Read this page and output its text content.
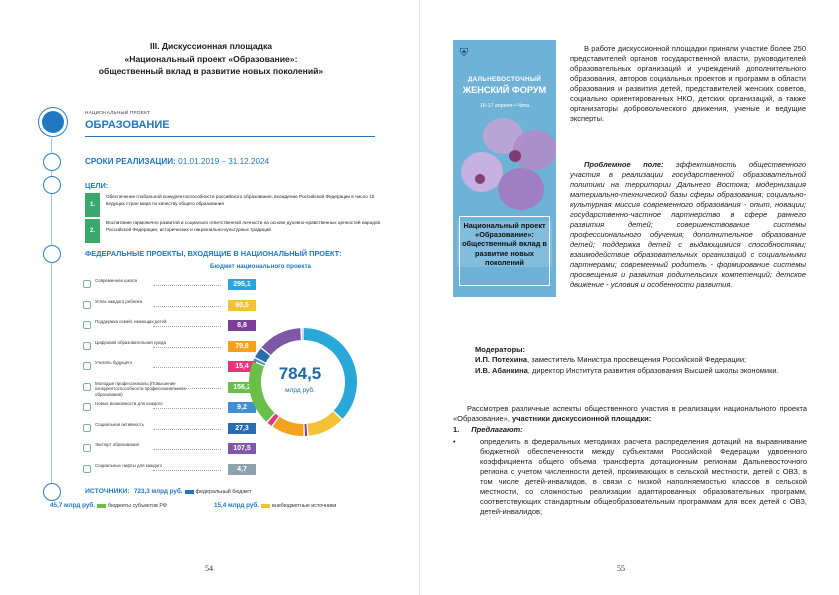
III. Дискуссионная площадка
«Национальный проект «Образование»:
общественный вклад в развитие новых поколений»
НАЦИОНАЛЬНЫЙ ПРОЕКТ
ОБРАЗОВАНИЕ
СРОКИ РЕАЛИЗАЦИИ: 01.01.2019 – 31.12.2024
ЦЕЛИ:
1.
Обеспечение глобальной конкурентоспособности российского образования, вхождение Российской Федерации в число 10 ведущих стран мира по качеству общего образования
2.
Воспитание гармонично развитой и социально ответственной личности на основе духовно-нравственных ценностей народов Российской Федерации, исторических и национально-культурных традиций
ФЕДЕРАЛЬНЫЕ ПРОЕКТЫ, ВХОДЯЩИЕ В НАЦИОНАЛЬНЫЙ ПРОЕКТ:
Бюджет национального проекта
Современная школа
295,1
Успех каждого ребенка
90,5
Поддержка семей, имеющих детей
8,8
Цифровая образовательная среда
79,8
Учитель будущего
15,4
Молодые профессионалы (Повышение конкурентоспособности профессионального образования)
156,2
Новые возможности для каждого
9,2
Социальная активность
27,3
Экспорт образования
107,5
Социальные лифты для каждого
4,7
784,5
млрд руб.
ИСТОЧНИКИ: 723,3 млрд руб. федеральный бюджет
45,7 млрд руб. бюджеты субъектов РФ	15,4 млрд руб. внебюджетные источники
54
⛨
ДАЛЬНЕВОСТОЧНЫЙ
ЖЕНСКИЙ ФОРУМ
16-17 апреля • Чита
Национальный проект «Образование»: общественный вклад в развитие новых поколений
В работе дискуссионной площадки приняли участие более 250 представителей органов государственной власти, руководителей образовательных организаций и учреждений дополнительного образования, авторов социальных проектов и программ в области образования и развития детей, представителей женских советов, социально ориентированных НКО, детских организаций, а также организаторы добровольческого движения, ученые и ведущие эксперты.
Проблемное поле: эффективность общественного участия в реализации государственной образовательной политики на территории Дальнего Востока; модернизация материально-технической базы сферы образования; социально-культурная миссия современного образования - опыт, новации; государственно-частное партнерство в сфере раннего развития детей; совершенствование системы профессионального обучения; дополнительное образование детей; поддержка детей с выдающимися способностями; взаимодействие образовательных организаций с социальными партнерами; современный родитель - формирование системы просвещения и развития родительских компетенций; детское движение - условия и особенности развития.
Модераторы:
И.П. Потехина, заместитель Министра просвещения Российской Федерации;
И.В. Абанкина, директор Института развития образования Высшей школы экономики.
Рассмотрев различные аспекты общественного участия в реализации национального проекта «Образование», участники дискуссионной площадки:
1. Предлагают:
•	определить в федеральных методиках расчета распределения дотаций на выравнивание бюджетной обеспеченности между субъектами Российской Федерации удвоенного коэффициента общего объема трансферта дотационным регионам Дальневосточного региона с учетом численности детей, проживающих в сельской местности, детей с ОВЗ, в том числе детей-инвалидов, в связи с низкой наполняемостью классов в сельской местности, со сложностью реализации адаптированных образовательных программ, соответствующих стандартным общеобразовательным программам для всех детей с ОВЗ, детей-инвалидов;
55
